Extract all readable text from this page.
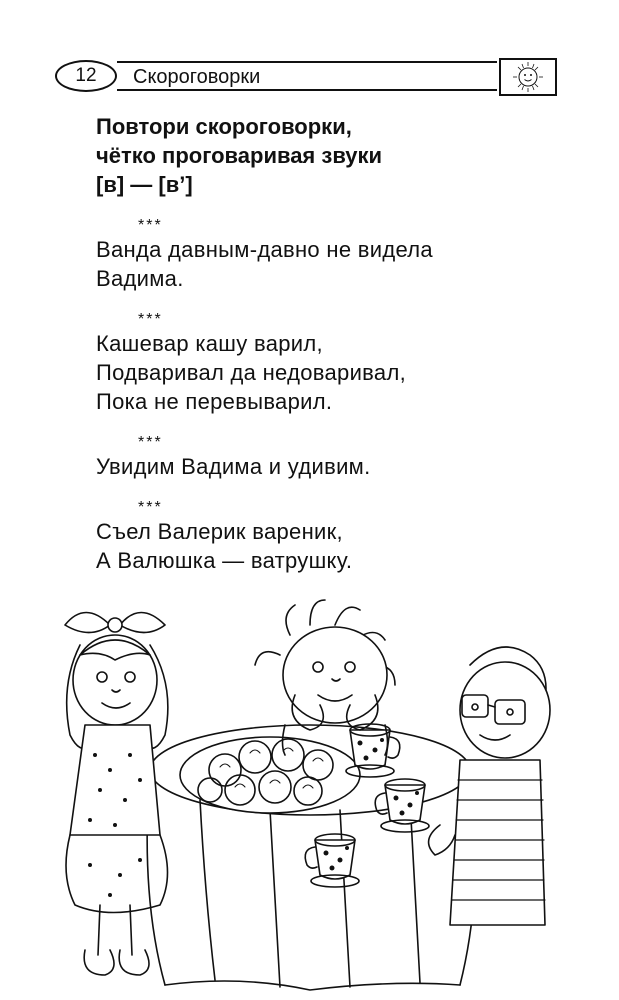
12	Скороговорки
Повтори скороговорки,
чётко проговаривая звуки
[в] — [в’]

***

Ванда давным-давно не видела

Вадима.

***

Кашевар кашу варил,

Подваривал да недоваривал,

Пока не перевыварил.

***

Увидим Вадима и удивим.

***

Съел Валерик вареник,

А Валюшка — ватрушку.
